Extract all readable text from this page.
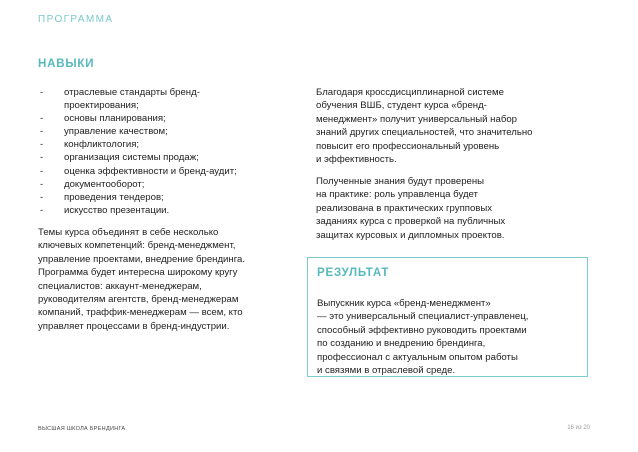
ПРОГРАММА
НАВЫКИ
- отраслевые стандарты бренд-
проектирования;
- основы планирования;
- управление качеством;
- конфликтология;
- организация системы продаж;
- оценка эффективности и бренд-аудит;
- документооборот;
- проведения тендеров;
- искусство презентации.

Темы курса объединят в себе несколько
ключевых компетенций: бренд-менеджмент,
управление проектами, внедрение брендинга.
Программа будет интересна широкому кругу
специалистов: аккаунт-менеджерам,
руководителям агентств, бренд-менеджерам
компаний, траффик-менеджерам — всем, кто
управляет процессами в бренд-индустрии.

Благодаря кроссдисциплинарной системе
обучения ВШБ, студент курса «бренд-
менеджмент» получит универсальный набор
знаний других специальностей, что значительно
повысит его профессиональный уровень
и эффективность.

Полученные знания будут проверены
на практике: роль управленца будет
реализована в практических групповых
заданиях курса с проверкой на публичных
защитах курсовых и дипломных проектов.

РЕЗУЛЬТАТ

Выпускник курса «бренд-менеджмент»
— это универсальный специалист-управленец,
способный эффективно руководить проектами
по созданию и внедрению брендинга,
профессионал с актуальным опытом работы
и связями в отраслевой среде.

ВЫСШАЯ ШКОЛА БРЕНДИНГА	16 из 20
